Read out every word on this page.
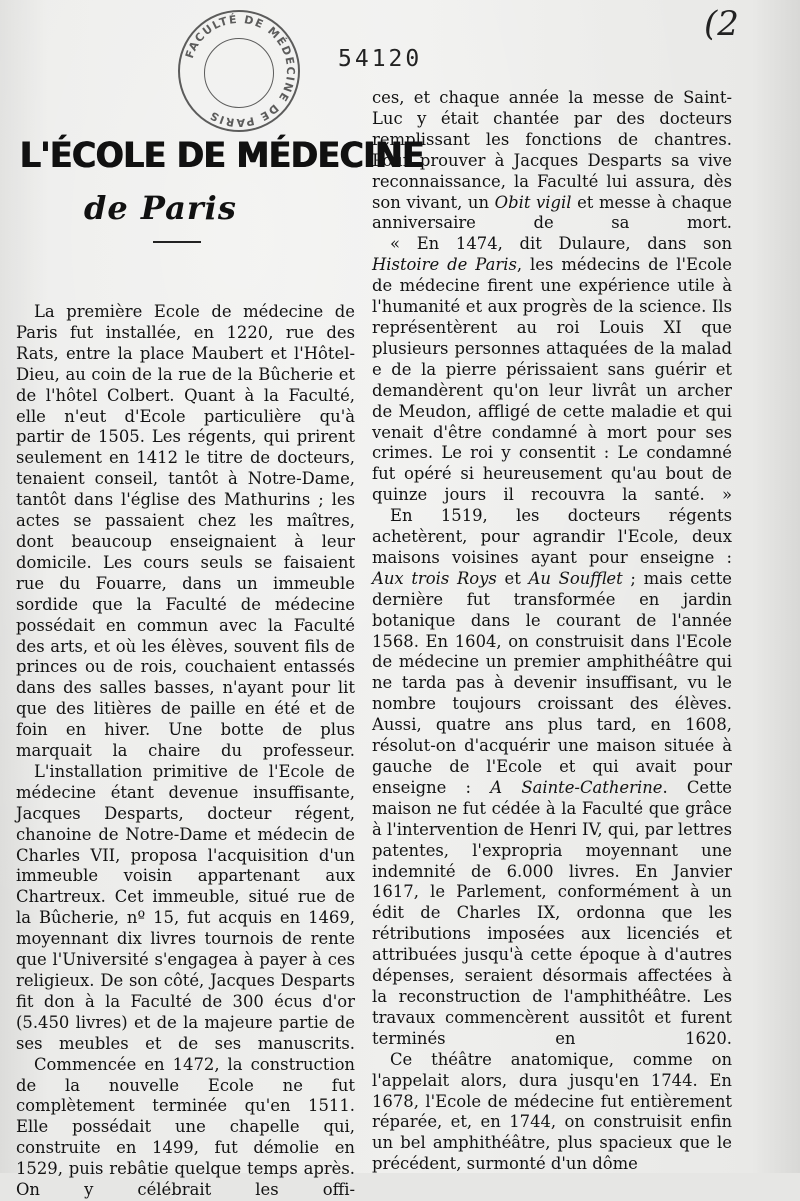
FACULTÉ DE MÉDECINE DE PARIS
(2
54120
L'ÉCOLE DE MÉDECINE
de Paris

La première Ecole de médecine de Paris fut installée, en 1220, rue des Rats, entre la place Maubert et l'Hôtel-Dieu, au coin de la rue de la Bûcherie et de l'hôtel Colbert. Quant à la Faculté, elle n'eut d'Ecole particulière qu'à partir de 1505. Les régents, qui prirent seulement en 1412 le titre de docteurs, tenaient conseil, tantôt à Notre-Dame, tantôt dans l'église des Mathurins ; les actes se passaient chez les maîtres, dont beaucoup enseignaient à leur domicile. Les cours seuls se faisaient rue du Fouarre, dans un immeuble sordide que la Faculté de médecine possédait en commun avec la Faculté des arts, et où les élèves, souvent fils de princes ou de rois, couchaient entassés dans des salles basses, n'ayant pour lit que des litières de paille en été et de foin en hiver. Une botte de plus marquait la chaire du professeur.

L'installation primitive de l'Ecole de médecine étant devenue insuffisante, Jacques Desparts, docteur régent, chanoine de Notre-Dame et médecin de Charles VII, proposa l'acquisition d'un immeuble voisin appartenant aux Chartreux. Cet immeuble, situé rue de la Bûcherie, nº 15, fut acquis en 1469, moyennant dix livres tournois de rente que l'Université s'engagea à payer à ces religieux. De son côté, Jacques Desparts fit don à la Faculté de 300 écus d'or (5.450 livres) et de la majeure partie de ses meubles et de ses manuscrits.

Commencée en 1472, la construction de la nouvelle Ecole ne fut complètement terminée qu'en 1511. Elle possédait une chapelle qui, construite en 1499, fut démolie en 1529, puis rebâtie quelque temps après. On y célébrait les offi-

ces, et chaque année la messe de Saint-Luc y était chantée par des docteurs remplissant les fonctions de chantres. Pour prouver à Jacques Desparts sa vive reconnaissance, la Faculté lui assura, dès son vivant, un Obit vigil et messe à chaque anniversaire de sa mort.

« En 1474, dit Dulaure, dans son Histoire de Paris, les médecins de l'Ecole de médecine firent une expérience utile à l'humanité et aux progrès de la science. Ils représentèrent au roi Louis XI que plusieurs personnes attaquées de la malad e de la pierre périssaient sans guérir et demandèrent qu'on leur livrât un archer de Meudon, affligé de cette maladie et qui venait d'être condamné à mort pour ses crimes. Le roi y consentit : Le condamné fut opéré si heureusement qu'au bout de quinze jours il recouvra la santé. »

En 1519, les docteurs régents achetèrent, pour agrandir l'Ecole, deux maisons voisines ayant pour enseigne : Aux trois Roys et Au Soufflet ; mais cette dernière fut transformée en jardin botanique dans le courant de l'année 1568. En 1604, on construisit dans l'Ecole de médecine un premier amphithéâtre qui ne tarda pas à devenir insuffisant, vu le nombre toujours croissant des élèves. Aussi, quatre ans plus tard, en 1608, résolut-on d'acquérir une maison située à gauche de l'Ecole et qui avait pour enseigne : A Sainte-Catherine. Cette maison ne fut cédée à la Faculté que grâce à l'intervention de Henri IV, qui, par lettres patentes, l'expropria moyennant une indemnité de 6.000 livres. En Janvier 1617, le Parlement, conformément à un édit de Charles IX, ordonna que les rétributions imposées aux licenciés et attribuées jusqu'à cette époque à d'autres dépenses, seraient désormais affectées à la reconstruction de l'amphithéâtre. Les travaux commencèrent aussitôt et furent terminés en 1620.

Ce théâtre anatomique, comme on l'appelait alors, dura jusqu'en 1744. En 1678, l'Ecole de médecine fut entièrement réparée, et, en 1744, on construisit enfin un bel amphithéâtre, plus spacieux que le précédent, surmonté d'un dôme
